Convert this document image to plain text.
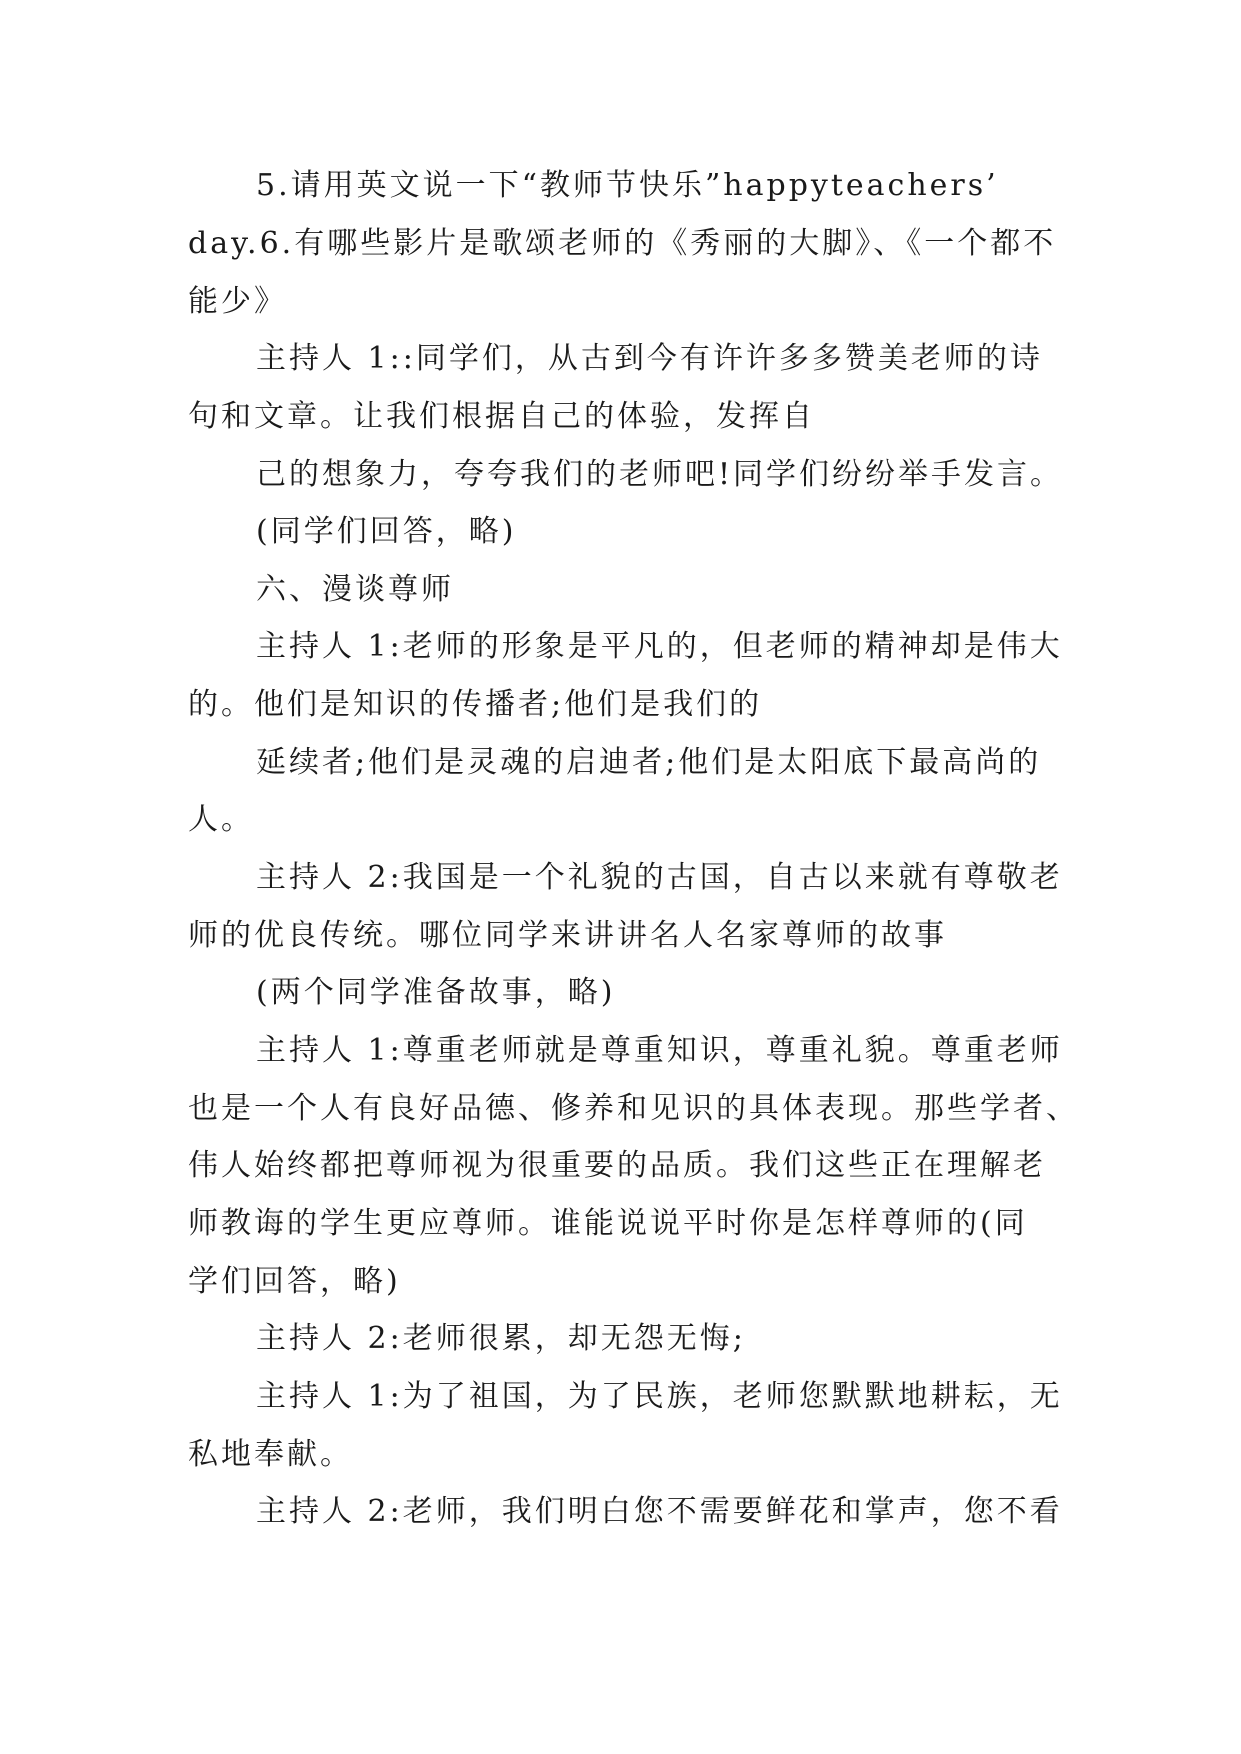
5.请用英文说一下“教师节快乐”happyteachers’
day.6.有哪些影片是歌颂老师的《秀丽的大脚》、《一个都不
能少》
主持人 1::同学们，从古到今有许许多多赞美老师的诗
句和文章。让我们根据自己的体验，发挥自
己的想象力，夸夸我们的老师吧!同学们纷纷举手发言。
(同学们回答，略)
六、漫谈尊师
主持人 1:老师的形象是平凡的，但老师的精神却是伟大
的。他们是知识的传播者;他们是我们的
延续者;他们是灵魂的启迪者;他们是太阳底下最高尚的
人。
主持人 2:我国是一个礼貌的古国，自古以来就有尊敬老
师的优良传统。哪位同学来讲讲名人名家尊师的故事
(两个同学准备故事，略)
主持人 1:尊重老师就是尊重知识，尊重礼貌。尊重老师
也是一个人有良好品德、修养和见识的具体表现。那些学者、
伟人始终都把尊师视为很重要的品质。我们这些正在理解老
师教诲的学生更应尊师。谁能说说平时你是怎样尊师的(同
学们回答，略)
主持人 2:老师很累，却无怨无悔;
主持人 1:为了祖国，为了民族，老师您默默地耕耘，无
私地奉献。
主持人 2:老师，我们明白您不需要鲜花和掌声，您不看
